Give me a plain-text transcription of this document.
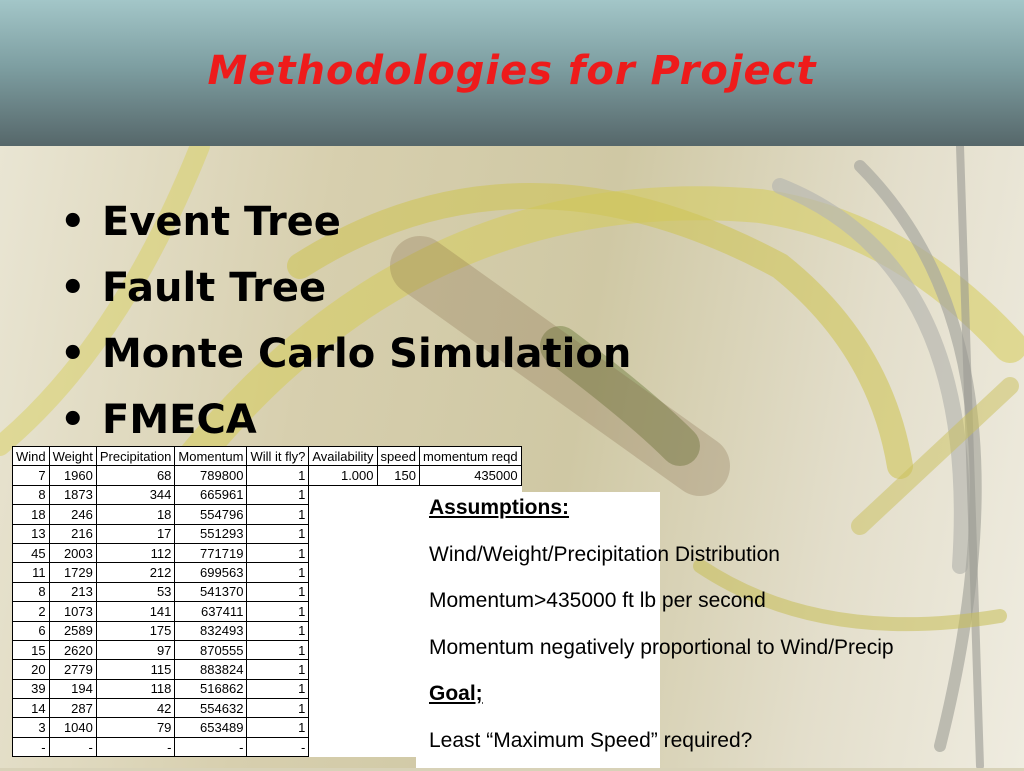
Methodologies for Project
• Event Tree
• Fault Tree
• Monte Carlo Simulation
• FMECA
Wind	Weight	Precipitation	Momentum	Will it fly?	Availability	speed	momentum reqd
7	1960	68	789800	1	1.000	150	435000
8	1873	344	665961	1			
18	246	18	554796	1			
13	216	17	551293	1			
45	2003	112	771719	1			
11	1729	212	699563	1			
8	213	53	541370	1			
2	1073	141	637411	1			
6	2589	175	832493	1			
15	2620	97	870555	1			
20	2779	115	883824	1			
39	194	118	516862	1			
14	287	42	554632	1			
3	1040	79	653489	1			
-	-	-	-	-			
Assumptions:
Wind/Weight/Precipitation Distribution
Momentum>435000 ft lb per second
Momentum negatively proportional to Wind/Precip
Goal;
Least “Maximum Speed” required?
